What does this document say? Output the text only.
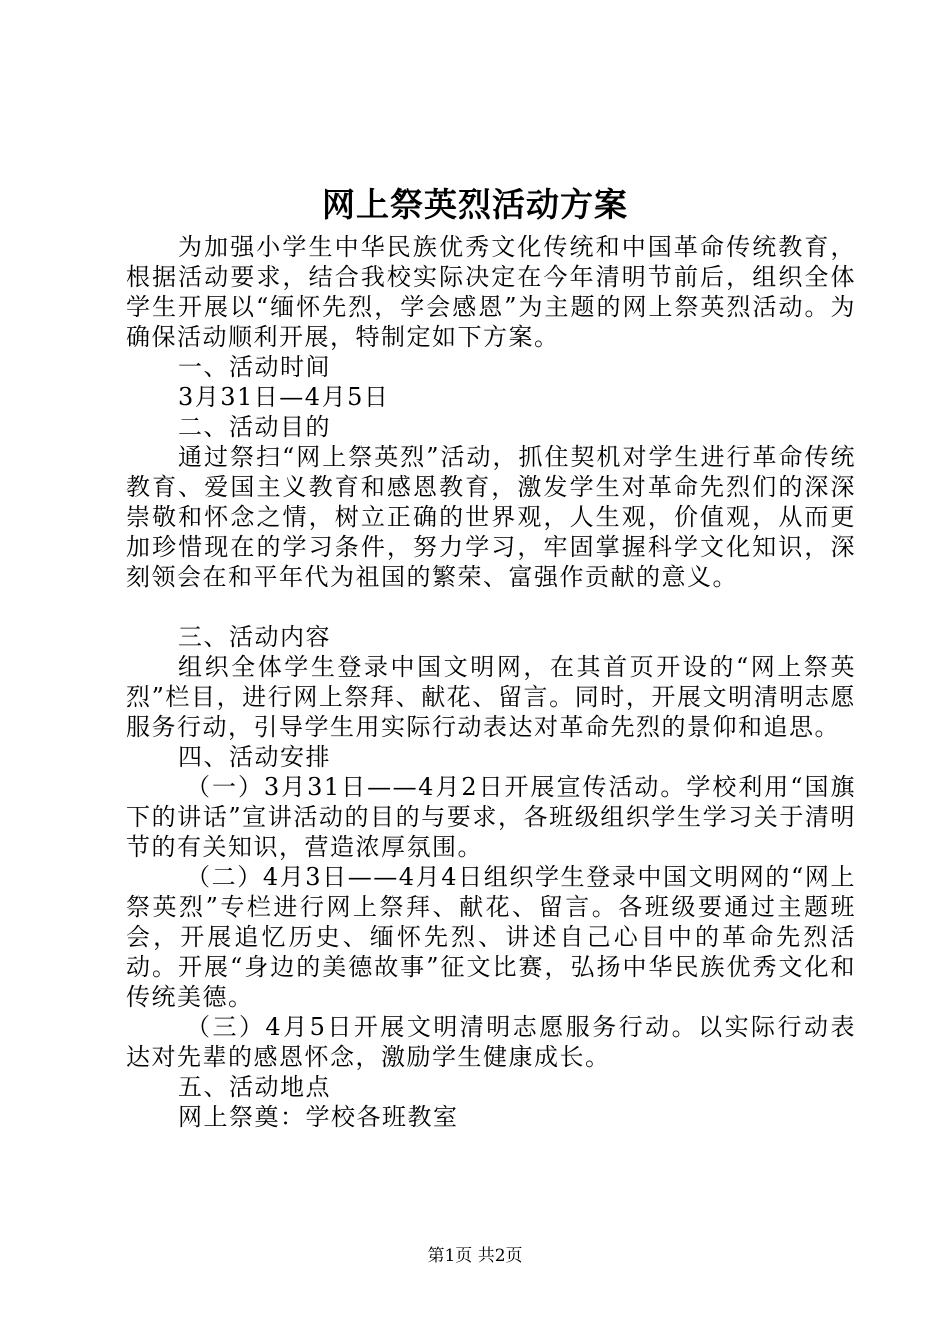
网上祭英烈活动方案

为加强小学生中华民族优秀文化传统和中国革命传统教育，根据活动要求，结合我校实际决定在今年清明节前后，组织全体学生开展以“缅怀先烈，学会感恩”为主题的网上祭英烈活动。为确保活动顺利开展，特制定如下方案。

一、活动时间

3月31日—4月5日

二、活动目的

通过祭扫“网上祭英烈”活动，抓住契机对学生进行革命传统教育、爱国主义教育和感恩教育，激发学生对革命先烈们的深深崇敬和怀念之情，树立正确的世界观，人生观，价值观，从而更加珍惜现在的学习条件，努力学习，牢固掌握科学文化知识，深刻领会在和平年代为祖国的繁荣、富强作贡献的意义。

三、活动内容

组织全体学生登录中国文明网，在其首页开设的“网上祭英烈”栏目，进行网上祭拜、献花、留言。同时，开展文明清明志愿服务行动，引导学生用实际行动表达对革命先烈的景仰和追思。

四、活动安排

（一）3月31日——4月2日开展宣传活动。学校利用“国旗下的讲话”宣讲活动的目的与要求，各班级组织学生学习关于清明节的有关知识，营造浓厚氛围。

（二）4月3日——4月4日组织学生登录中国文明网的“网上祭英烈”专栏进行网上祭拜、献花、留言。各班级要通过主题班会，开展追忆历史、缅怀先烈、讲述自己心目中的革命先烈活动。开展“身边的美德故事”征文比赛，弘扬中华民族优秀文化和传统美德。

（三）4月5日开展文明清明志愿服务行动。以实际行动表达对先辈的感恩怀念，激励学生健康成长。

五、活动地点

网上祭奠：学校各班教室

第1页 共2页
